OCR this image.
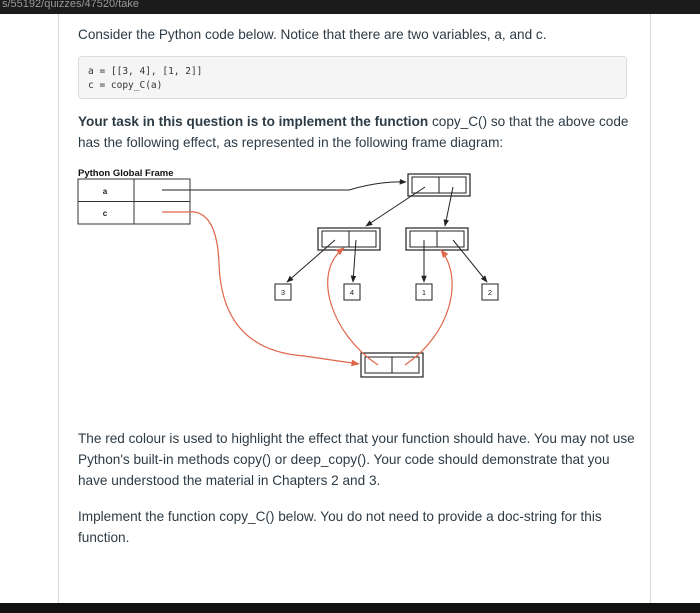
s/55192/quizzes/47520/take

Consider the Python code below. Notice that there are two variables, a, and c.

a = [[3, 4], [1, 2]]
c = copy_C(a)

Your task in this question is to implement the function copy_C() so that the above code has the following effect, as represented in the following frame diagram:

Python Global Frame
a
c
3	4	1	2

The red colour is used to highlight the effect that your function should have. You may not use Python's built-in methods copy() or deep_copy(). Your code should demonstrate that you have understood the material in Chapters 2 and 3.

Implement the function copy_C() below. You do not need to provide a doc-string for this function.
